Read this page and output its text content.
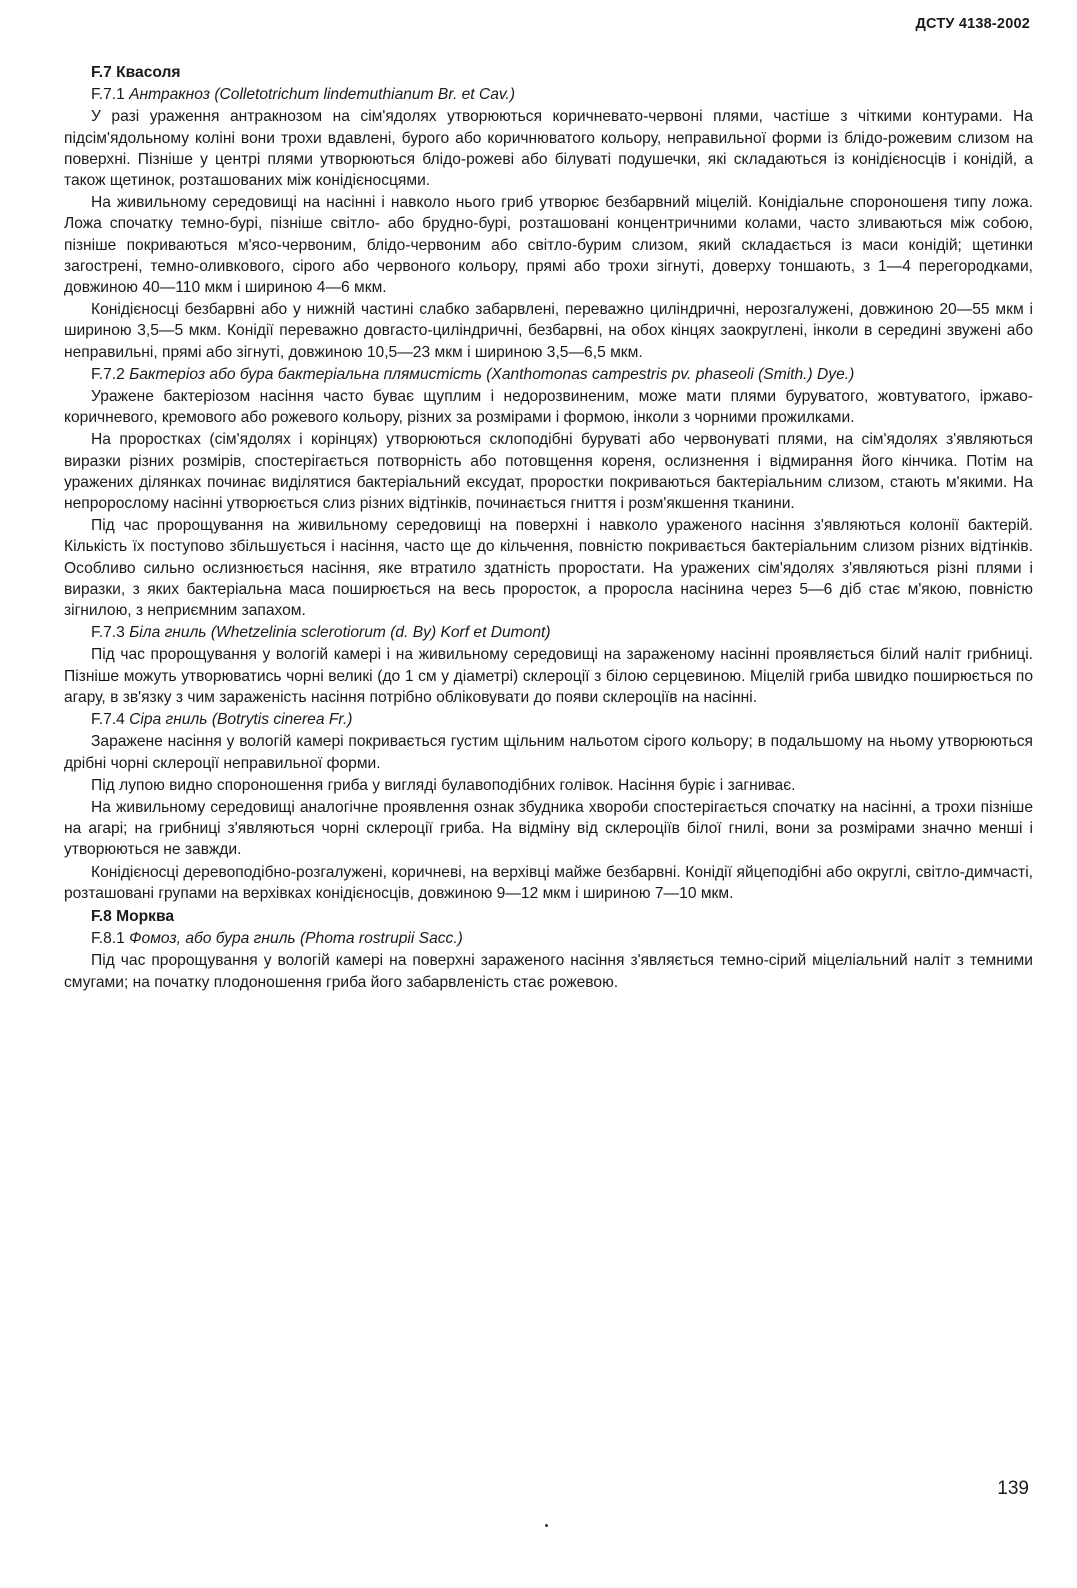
ДСТУ 4138-2002

F.7 Квасоля

F.7.1 Антракноз (Colletotrichum lindemuthianum Br. et Cav.)

У разі ураження антракнозом на сім'ядолях утворюються коричневато-червоні плями, частіше з чіткими контурами. На підсім'ядольному коліні вони трохи вдавлені, бурого або коричнюватого кольору, неправильної форми із блідо-рожевим слизом на поверхні. Пізніше у центрі плями утворюються блідо-рожеві або білуваті подушечки, які складаються із конідієносців і конідій, а також щетинок, розташованих між конідієносцями.

На живильному середовищі на насінні і навколо нього гриб утворює безбарвний міцелій. Конідіальне спороношеня типу ложа. Ложа спочатку темно-бурі, пізніше світло- або брудно-бурі, розташовані концентричними колами, часто зливаються між собою, пізніше покриваються м'ясо-червоним, блідо-червоним або світло-бурим слизом, який складається із маси конідій; щетинки загострені, темно-оливкового, сірого або червоного кольору, прямі або трохи зігнуті, доверху тоншають, з 1—4 перегородками, довжиною 40—110 мкм і шириною 4—6 мкм.

Конідієносці безбарвні або у нижній частині слабко забарвлені, переважно циліндричні, нерозгалужені, довжиною 20—55 мкм і шириною 3,5—5 мкм. Конідії переважно довгасто-циліндричні, безбарвні, на обох кінцях заокруглені, інколи в середині звужені або неправильні, прямі або зігнуті, довжиною 10,5—23 мкм і шириною 3,5—6,5 мкм.

F.7.2 Бактеріоз або бура бактеріальна плямистість (Xanthomonas campestris pv. phaseoli (Smith.) Dye.)

Уражене бактеріозом насіння часто буває щуплим і недорозвиненим, може мати плями буруватого, жовтуватого, іржаво-коричневого, кремового або рожевого кольору, різних за розмірами і формою, інколи з чорними прожилками.

На проростках (сім'ядолях і корінцях) утворюються склоподібні буруваті або червонуваті плями, на сім'ядолях з'являються виразки різних розмірів, спостерігається потворність або потовщення кореня, ослизнення і відмирання його кінчика. Потім на уражених ділянках починає виділятися бактеріальний ексудат, проростки покриваються бактеріальним слизом, стають м'якими. На непророслому насінні утворюється слиз різних відтінків, починається гниття і розм'якшення тканини.

Під час пророщування на живильному середовищі на поверхні і навколо ураженого насіння з'являються колонії бактерій. Кількість їх поступово збільшується і насіння, часто ще до кільчення, повністю покривається бактеріальним слизом різних відтінків. Особливо сильно ослизнюється насіння, яке втратило здатність проростати. На уражених сім'ядолях з'являються різні плями і виразки, з яких бактеріальна маса поширюється на весь проросток, а проросла насінина через 5—6 діб стає м'якою, повністю зігнилою, з неприємним запахом.

F.7.3 Біла гниль (Whetzelinia sclerotiorum (d. By) Korf et Dumont)

Під час пророщування у вологій камері і на живильному середовищі на зараженому насінні проявляється білий наліт грибниці. Пізніше можуть утворюватись чорні великі (до 1 см у діаметрі) склероції з білою серцевиною. Міцелій гриба швидко поширюється по агару, в зв'язку з чим зараженість насіння потрібно обліковувати до появи склероціїв на насінні.

F.7.4 Сіра гниль (Botrytis cinerea Fr.)

Заражене насіння у вологій камері покривається густим щільним нальотом сірого кольору; в подальшому на ньому утворюються дрібні чорні склероції неправильної форми.

Під лупою видно спороношення гриба у вигляді булавоподібних голівок. Насіння буріє і загниває.

На живильному середовищі аналогічне проявлення ознак збудника хвороби спостерігається спочатку на насінні, а трохи пізніше на агарі; на грибниці з'являються чорні склероції гриба. На відміну від склероціїв білої гнилі, вони за розмірами значно менші і утворюються не завжди.

Конідієносці деревоподібно-розгалужені, коричневі, на верхівці майже безбарвні. Конідії яйцеподібні або округлі, світло-димчасті, розташовані групами на верхівках конідієносців, довжиною 9—12 мкм і шириною 7—10 мкм.

F.8 Морква

F.8.1 Фомоз, або бура гниль (Phoma rostrupii Sacc.)

Під час пророщування у вологій камері на поверхні зараженого насіння з'являється темно-сірий міцеліальний наліт з темними смугами; на початку плодоношення гриба його забарвленість стає рожевою.

139
